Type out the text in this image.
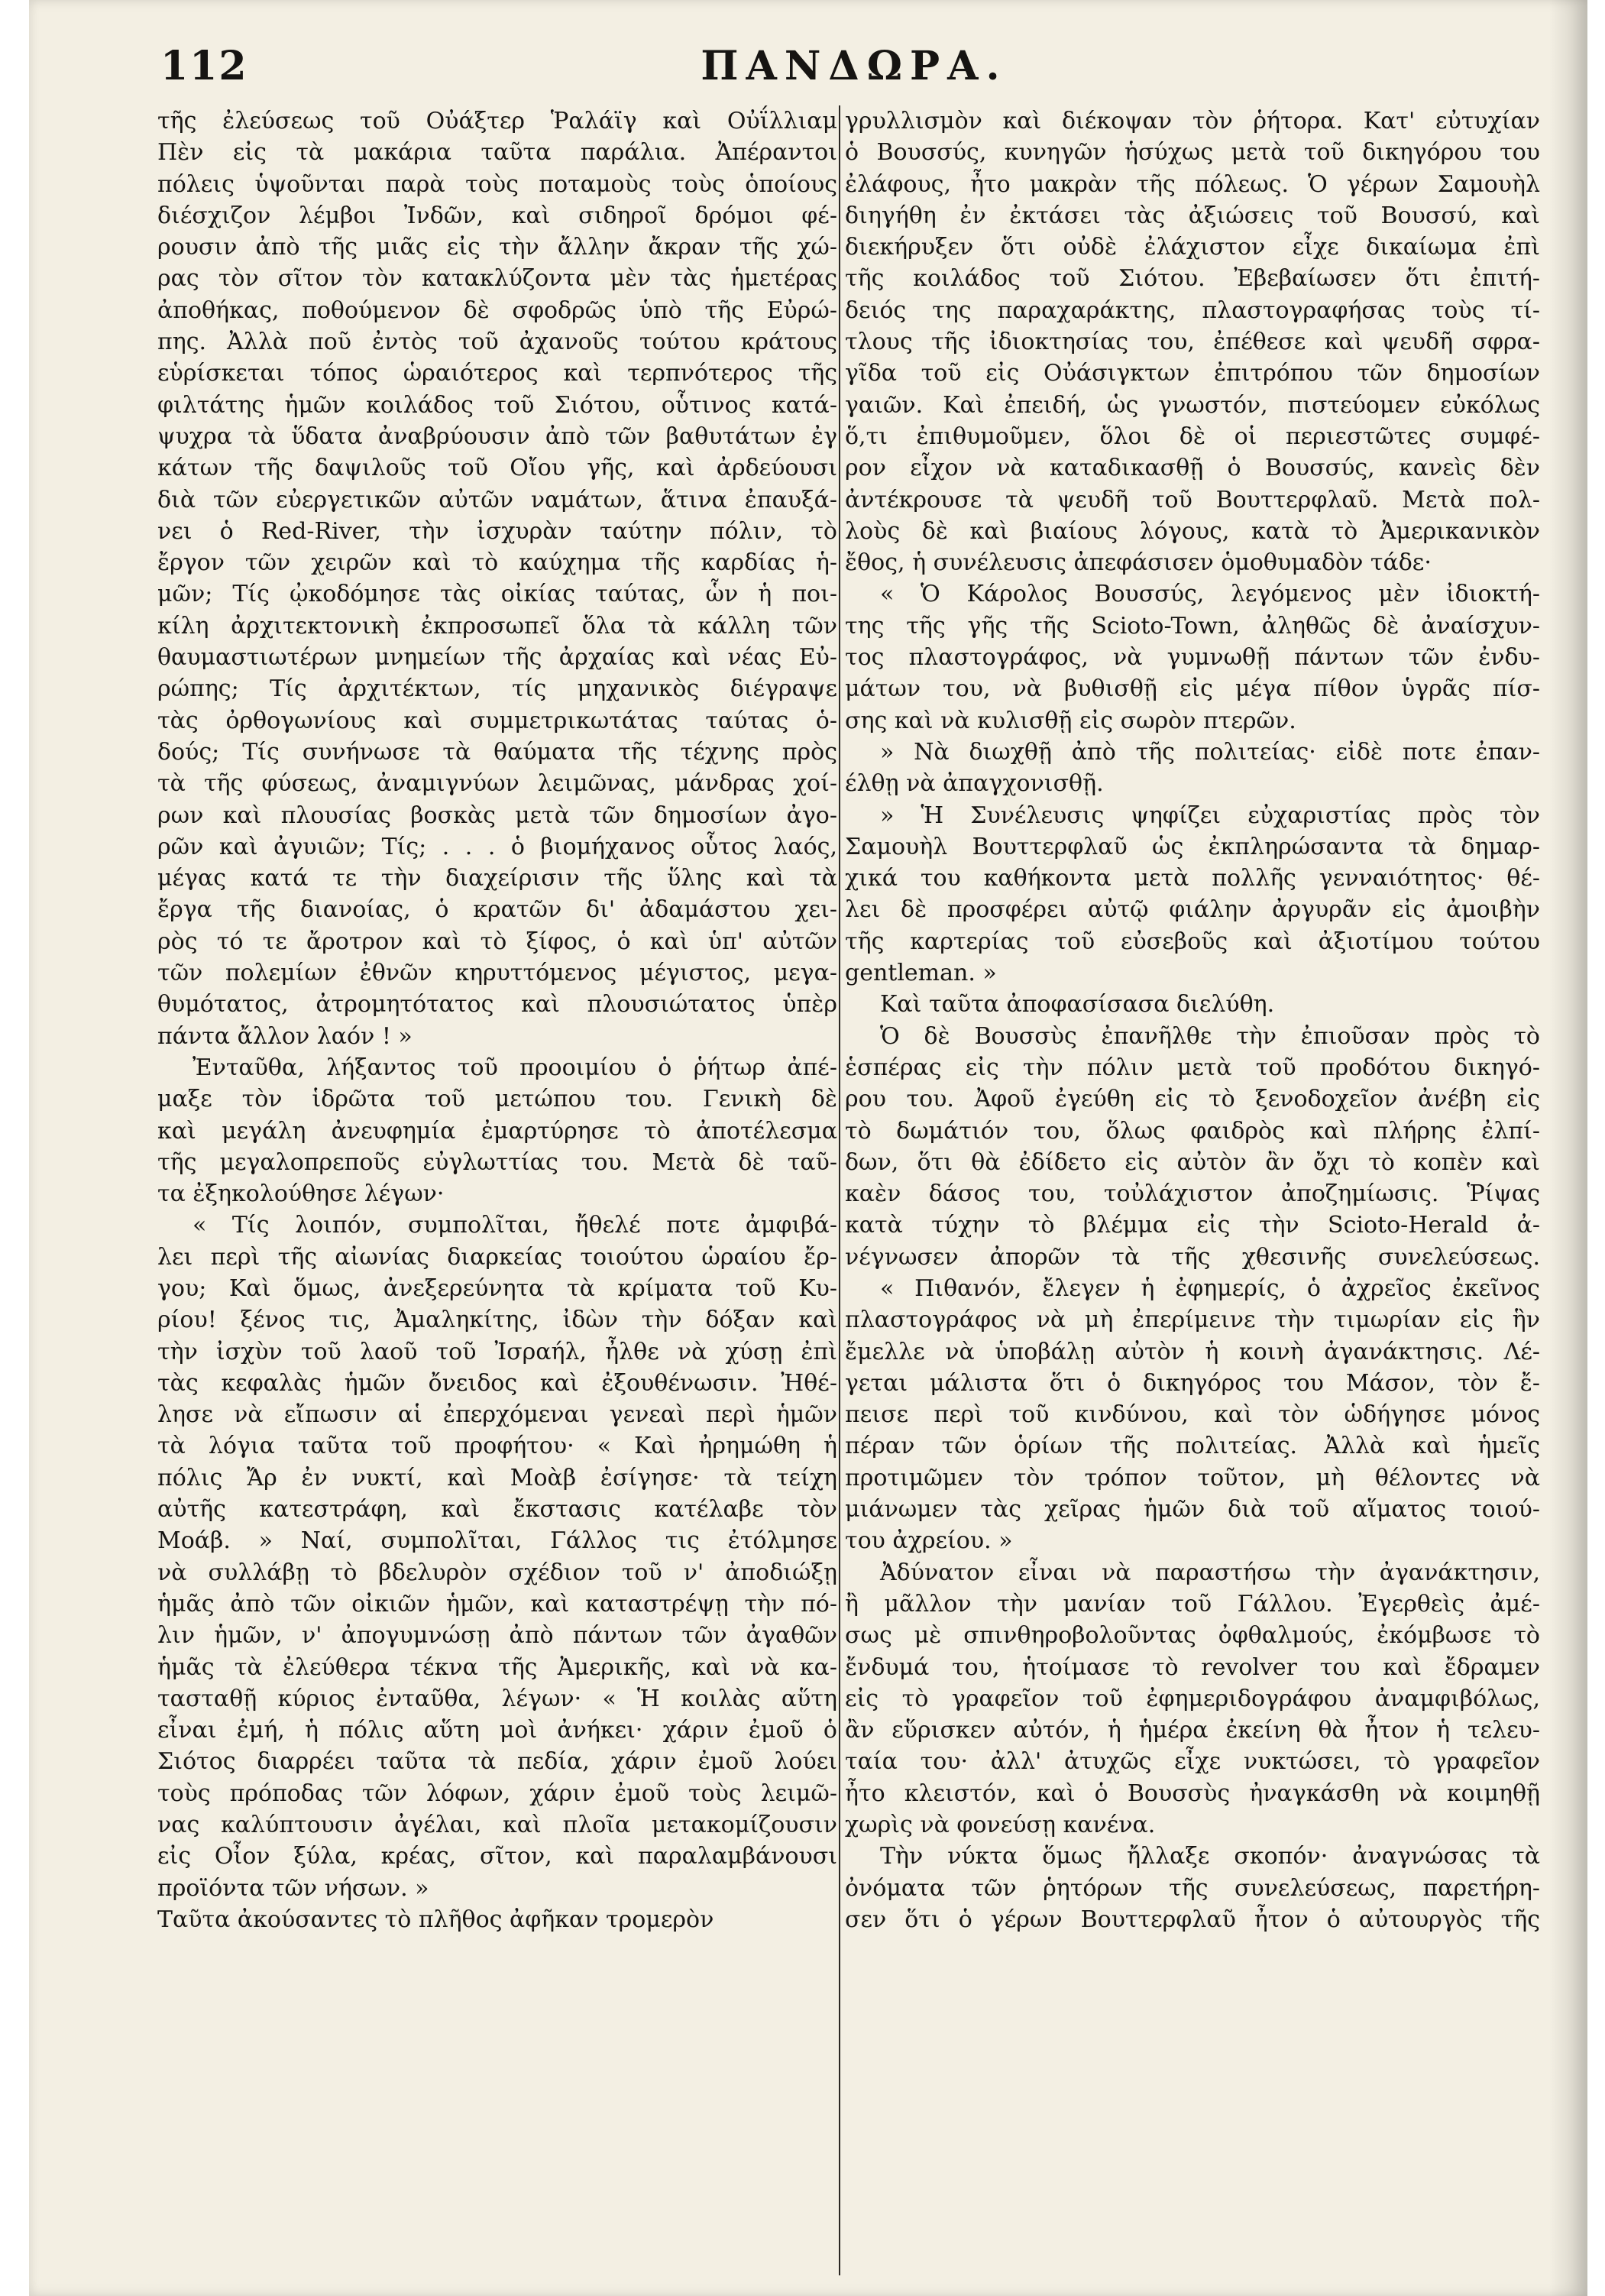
112	ΠΑΝΔΩΡΑ.
τῆς ἐλεύσεως τοῦ Οὐάξτερ Ῥαλάϊγ καὶ Οὐΐλλιαμ
Πὲν εἰς τὰ μακάρια ταῦτα παράλια. Ἀπέραντοι
πόλεις ὑψοῦνται παρὰ τοὺς ποταμοὺς τοὺς ὁποίους
διέσχιζον λέμβοι Ἰνδῶν, καὶ σιδηροῖ δρόμοι φέ-
ρουσιν ἀπὸ τῆς μιᾶς εἰς τὴν ἄλλην ἄκραν τῆς χώ-
ρας τὸν σῖτον τὸν κατακλύζοντα μὲν τὰς ἡμετέρας
ἀποθήκας, ποθούμενον δὲ σφοδρῶς ὑπὸ τῆς Εὐρώ-
πης. Ἀλλὰ ποῦ ἐντὸς τοῦ ἀχανοῦς τούτου κράτους
εὑρίσκεται τόπος ὡραιότερος καὶ τερπνότερος τῆς
φιλτάτης ἡμῶν κοιλάδος τοῦ Σιότου, οὗτινος κατά-
ψυχρα τὰ ὕδατα ἀναβρύουσιν ἀπὸ τῶν βαθυτάτων ἐγ
κάτων τῆς δαψιλοῦς τοῦ Οἴου γῆς, καὶ ἀρδεύουσι
διὰ τῶν εὐεργετικῶν αὐτῶν ναμάτων, ἅτινα ἐπαυξά-
νει ὁ Red-River, τὴν ἰσχυρὰν ταύτην πόλιν, τὸ
ἔργον τῶν χειρῶν καὶ τὸ καύχημα τῆς καρδίας ἡ-
μῶν; Τίς ᾠκοδόμησε τὰς οἰκίας ταύτας, ὧν ἡ ποι-
κίλη ἀρχιτεκτονικὴ ἐκπροσωπεῖ ὅλα τὰ κάλλη τῶν
θαυμαστιωτέρων μνημείων τῆς ἀρχαίας καὶ νέας Εὐ-
ρώπης; Τίς ἀρχιτέκτων, τίς μηχανικὸς διέγραψε
τὰς ὀρθογωνίους καὶ συμμετρικωτάτας ταύτας ὁ-
δούς; Τίς συνήνωσε τὰ θαύματα τῆς τέχνης πρὸς
τὰ τῆς φύσεως, ἀναμιγνύων λειμῶνας, μάνδρας χοί-
ρων καὶ πλουσίας βοσκὰς μετὰ τῶν δημοσίων ἀγο-
ρῶν καὶ ἀγυιῶν; Τίς; . . . ὁ βιομήχανος οὗτος λαός,
μέγας κατά τε τὴν διαχείρισιν τῆς ὕλης καὶ τὰ
ἔργα τῆς διανοίας, ὁ κρατῶν δι' ἀδαμάστου χει-
ρὸς τό τε ἄροτρον καὶ τὸ ξίφος, ὁ καὶ ὑπ' αὐτῶν
τῶν πολεμίων ἐθνῶν κηρυττόμενος μέγιστος, μεγα-
θυμότατος, ἀτρομητότατος καὶ πλουσιώτατος ὑπὲρ
πάντα ἄλλον λαόν ! »
Ἐνταῦθα, λήξαντος τοῦ προοιμίου ὁ ῥήτωρ ἀπέ-
μαξε τὸν ἱδρῶτα τοῦ μετώπου του. Γενικὴ δὲ
καὶ μεγάλη ἀνευφημία ἐμαρτύρησε τὸ ἀποτέλεσμα
τῆς μεγαλοπρεποῦς εὐγλωττίας του. Μετὰ δὲ ταῦ-
τα ἐξηκολούθησε λέγων·
« Τίς λοιπόν, συμπολῖται, ἤθελέ ποτε ἀμφιβά-
λει περὶ τῆς αἰωνίας διαρκείας τοιούτου ὡραίου ἔρ-
γου; Καὶ ὅμως, ἀνεξερεύνητα τὰ κρίματα τοῦ Κυ-
ρίου! ξένος τις, Ἀμαληκίτης, ἰδὼν τὴν δόξαν καὶ
τὴν ἰσχὺν τοῦ λαοῦ τοῦ Ἰσραήλ, ἦλθε νὰ χύσῃ ἐπὶ
τὰς κεφαλὰς ἡμῶν ὄνειδος καὶ ἐξουθένωσιν. Ἠθέ-
λησε νὰ εἴπωσιν αἱ ἐπερχόμεναι γενεαὶ περὶ ἡμῶν
τὰ λόγια ταῦτα τοῦ προφήτου· « Καὶ ἠρημώθη ἡ
πόλις Ἄρ ἐν νυκτί, καὶ Μοὰβ ἐσίγησε· τὰ τείχη
αὐτῆς κατεστράφη, καὶ ἔκστασις κατέλαβε τὸν
Μοάβ. » Ναί, συμπολῖται, Γάλλος τις ἐτόλμησε
νὰ συλλάβῃ τὸ βδελυρὸν σχέδιον τοῦ ν' ἀποδιώξῃ
ἡμᾶς ἀπὸ τῶν οἰκιῶν ἡμῶν, καὶ καταστρέψῃ τὴν πό-
λιν ἡμῶν, ν' ἀπογυμνώσῃ ἀπὸ πάντων τῶν ἀγαθῶν
ἡμᾶς τὰ ἐλεύθερα τέκνα τῆς Ἀμερικῆς, καὶ νὰ κα-
τασταθῇ κύριος ἐνταῦθα, λέγων· « Ἡ κοιλὰς αὕτη
εἶναι ἐμή, ἡ πόλις αὕτη μοὶ ἀνήκει· χάριν ἐμοῦ ὁ
Σιότος διαρρέει ταῦτα τὰ πεδία, χάριν ἐμοῦ λούει
τοὺς πρόποδας τῶν λόφων, χάριν ἐμοῦ τοὺς λειμῶ-
νας καλύπτουσιν ἀγέλαι, καὶ πλοῖα μετακομίζουσιν
εἰς Οἶον ξύλα, κρέας, σῖτον, καὶ παραλαμβάνουσι
προϊόντα τῶν νήσων. »
Ταῦτα ἀκούσαντες τὸ πλῆθος ἀφῆκαν τρομερὸν
γρυλλισμὸν καὶ διέκοψαν τὸν ῥήτορα. Κατ' εὐτυχίαν
ὁ Βουσσύς, κυνηγῶν ἡσύχως μετὰ τοῦ δικηγόρου του
ἐλάφους, ἦτο μακρὰν τῆς πόλεως. Ὁ γέρων Σαμουὴλ
διηγήθη ἐν ἐκτάσει τὰς ἀξιώσεις τοῦ Βουσσύ, καὶ
διεκήρυξεν ὅτι οὐδὲ ἐλάχιστον εἶχε δικαίωμα ἐπὶ
τῆς κοιλάδος τοῦ Σιότου. Ἐβεβαίωσεν ὅτι ἐπιτή-
δειός της παραχαράκτης, πλαστογραφήσας τοὺς τί-
τλους τῆς ἰδιοκτησίας του, ἐπέθεσε καὶ ψευδῆ σφρα-
γῖδα τοῦ εἰς Οὐάσιγκτων ἐπιτρόπου τῶν δημοσίων
γαιῶν. Καὶ ἐπειδή, ὡς γνωστόν, πιστεύομεν εὐκόλως
ὅ,τι ἐπιθυμοῦμεν, ὅλοι δὲ οἱ περιεστῶτες συμφέ-
ρον εἶχον νὰ καταδικασθῇ ὁ Βουσσύς, κανεὶς δὲν
ἀντέκρουσε τὰ ψευδῆ τοῦ Βουττερφλαῦ. Μετὰ πολ-
λοὺς δὲ καὶ βιαίους λόγους, κατὰ τὸ Ἀμερικανικὸν
ἔθος, ἡ συνέλευσις ἀπεφάσισεν ὁμοθυμαδὸν τάδε·
« Ὁ Κάρολος Βουσσύς, λεγόμενος μὲν ἰδιοκτή-
της τῆς γῆς τῆς Scioto-Town, ἀληθῶς δὲ ἀναίσχυν-
τος πλαστογράφος, νὰ γυμνωθῇ πάντων τῶν ἐνδυ-
μάτων του, νὰ βυθισθῇ εἰς μέγα πίθον ὑγρᾶς πίσ-
σης καὶ νὰ κυλισθῇ εἰς σωρὸν πτερῶν.
» Νὰ διωχθῇ ἀπὸ τῆς πολιτείας· εἰδὲ ποτε ἐπαν-
έλθῃ νὰ ἀπαγχονισθῇ.
» Ἡ Συνέλευσις ψηφίζει εὐχαριστίας πρὸς τὸν
Σαμουὴλ Βουττερφλαῦ ὡς ἐκπληρώσαντα τὰ δημαρ-
χικά του καθήκοντα μετὰ πολλῆς γενναιότητος· θέ-
λει δὲ προσφέρει αὐτῷ φιάλην ἀργυρᾶν εἰς ἀμοιβὴν
τῆς καρτερίας τοῦ εὐσεβοῦς καὶ ἀξιοτίμου τούτου
gentleman. »
Καὶ ταῦτα ἀποφασίσασα διελύθη.
Ὁ δὲ Βουσσὺς ἐπανῆλθε τὴν ἐπιοῦσαν πρὸς τὸ
ἑσπέρας εἰς τὴν πόλιν μετὰ τοῦ προδότου δικηγό-
ρου του. Ἀφοῦ ἐγεύθη εἰς τὸ ξενοδοχεῖον ἀνέβη εἰς
τὸ δωμάτιόν του, ὅλως φαιδρὸς καὶ πλήρης ἐλπί-
δων, ὅτι θὰ ἐδίδετο εἰς αὐτὸν ἂν ὄχι τὸ κοπὲν καὶ
καὲν δάσος του, τοὐλάχιστον ἀποζημίωσις. Ῥίψας
κατὰ τύχην τὸ βλέμμα εἰς τὴν Scioto-Herald ἀ-
νέγνωσεν ἀπορῶν τὰ τῆς χθεσινῆς συνελεύσεως.
« Πιθανόν, ἔλεγεν ἡ ἐφημερίς, ὁ ἀχρεῖος ἐκεῖνος
πλαστογράφος νὰ μὴ ἐπερίμεινε τὴν τιμωρίαν εἰς ἣν
ἔμελλε νὰ ὑποβάλῃ αὐτὸν ἡ κοινὴ ἀγανάκτησις. Λέ-
γεται μάλιστα ὅτι ὁ δικηγόρος του Μάσον, τὸν ἔ-
πεισε περὶ τοῦ κινδύνου, καὶ τὸν ὡδήγησε μόνος
πέραν τῶν ὁρίων τῆς πολιτείας. Ἀλλὰ καὶ ἡμεῖς
προτιμῶμεν τὸν τρόπον τοῦτον, μὴ θέλοντες νὰ
μιάνωμεν τὰς χεῖρας ἡμῶν διὰ τοῦ αἵματος τοιού-
του ἀχρείου. »
Ἀδύνατον εἶναι νὰ παραστήσω τὴν ἀγανάκτησιν,
ἢ μᾶλλον τὴν μανίαν τοῦ Γάλλου. Ἐγερθεὶς ἀμέ-
σως μὲ σπινθηροβολοῦντας ὀφθαλμούς, ἐκόμβωσε τὸ
ἔνδυμά του, ἡτοίμασε τὸ revolver του καὶ ἔδραμεν
εἰς τὸ γραφεῖον τοῦ ἐφημεριδογράφου ἀναμφιβόλως,
ἂν εὕρισκεν αὐτόν, ἡ ἡμέρα ἐκείνη θὰ ἦτον ἡ τελευ-
ταία του· ἀλλ' ἀτυχῶς εἶχε νυκτώσει, τὸ γραφεῖον
ἦτο κλειστόν, καὶ ὁ Βουσσὺς ἠναγκάσθη νὰ κοιμηθῇ
χωρὶς νὰ φονεύσῃ κανένα.
Τὴν νύκτα ὅμως ἤλλαξε σκοπόν· ἀναγνώσας τὰ
ὀνόματα τῶν ῥητόρων τῆς συνελεύσεως, παρετήρη-
σεν ὅτι ὁ γέρων Βουττερφλαῦ ἦτον ὁ αὐτουργὸς τῆς
